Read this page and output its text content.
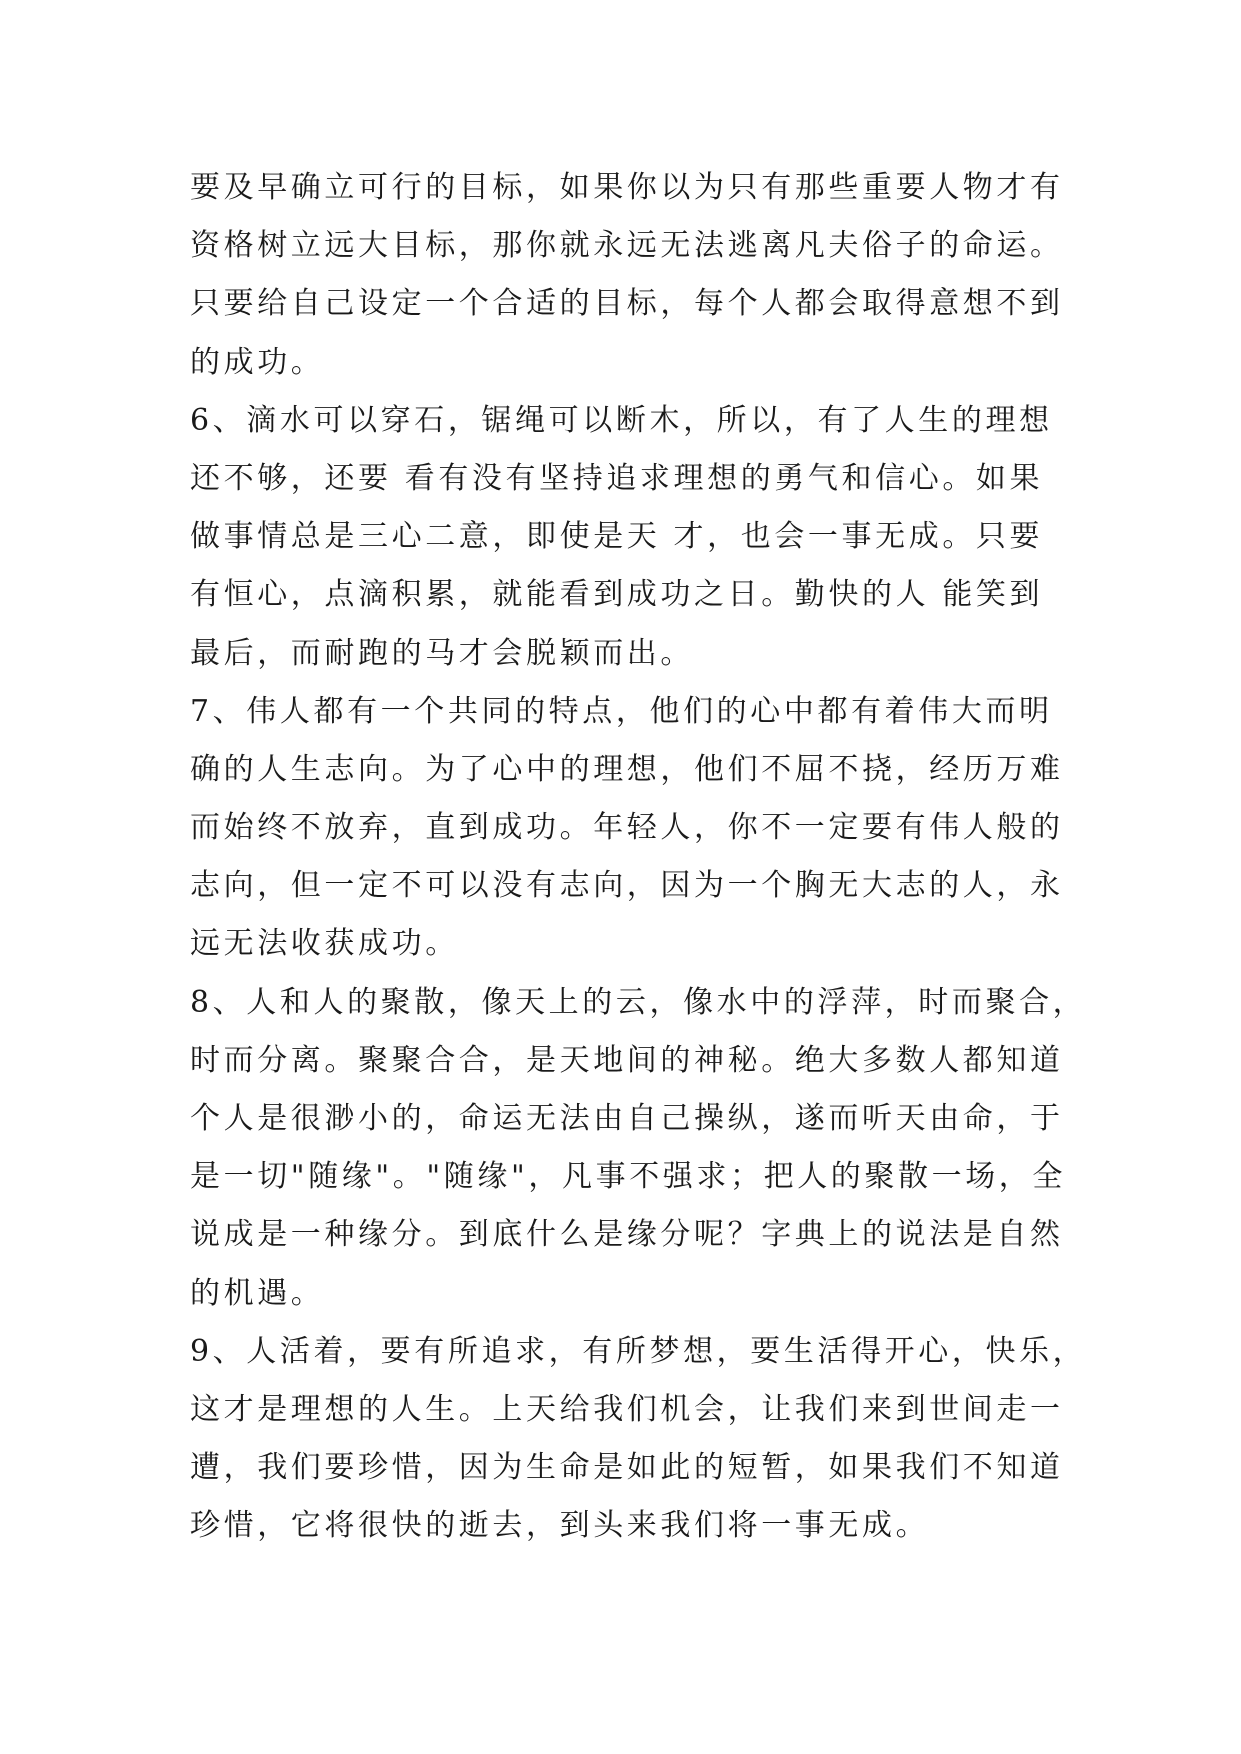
要及早确立可行的目标，如果你以为只有那些重要人物才有
资格树立远大目标，那你就永远无法逃离凡夫俗子的命运。
只要给自己设定一个合适的目标，每个人都会取得意想不到
的成功。
6、滴水可以穿石，锯绳可以断木，所以，有了人生的理想
还不够，还要 看有没有坚持追求理想的勇气和信心。如果
做事情总是三心二意，即使是天 才，也会一事无成。只要
有恒心，点滴积累，就能看到成功之日。勤快的人 能笑到
最后，而耐跑的马才会脱颖而出。
7、伟人都有一个共同的特点，他们的心中都有着伟大而明
确的人生志向。为了心中的理想，他们不屈不挠，经历万难
而始终不放弃，直到成功。年轻人，你不一定要有伟人般的
志向，但一定不可以没有志向，因为一个胸无大志的人，永
远无法收获成功。
8、人和人的聚散，像天上的云，像水中的浮萍，时而聚合，
时而分离。聚聚合合，是天地间的神秘。绝大多数人都知道
个人是很渺小的，命运无法由自己操纵，遂而听天由命，于
是一切"随缘"。"随缘"，凡事不强求；把人的聚散一场，全
说成是一种缘分。到底什么是缘分呢？字典上的说法是自然
的机遇。
9、人活着，要有所追求，有所梦想，要生活得开心，快乐，
这才是理想的人生。上天给我们机会，让我们来到世间走一
遭，我们要珍惜，因为生命是如此的短暂，如果我们不知道
珍惜，它将很快的逝去，到头来我们将一事无成。
